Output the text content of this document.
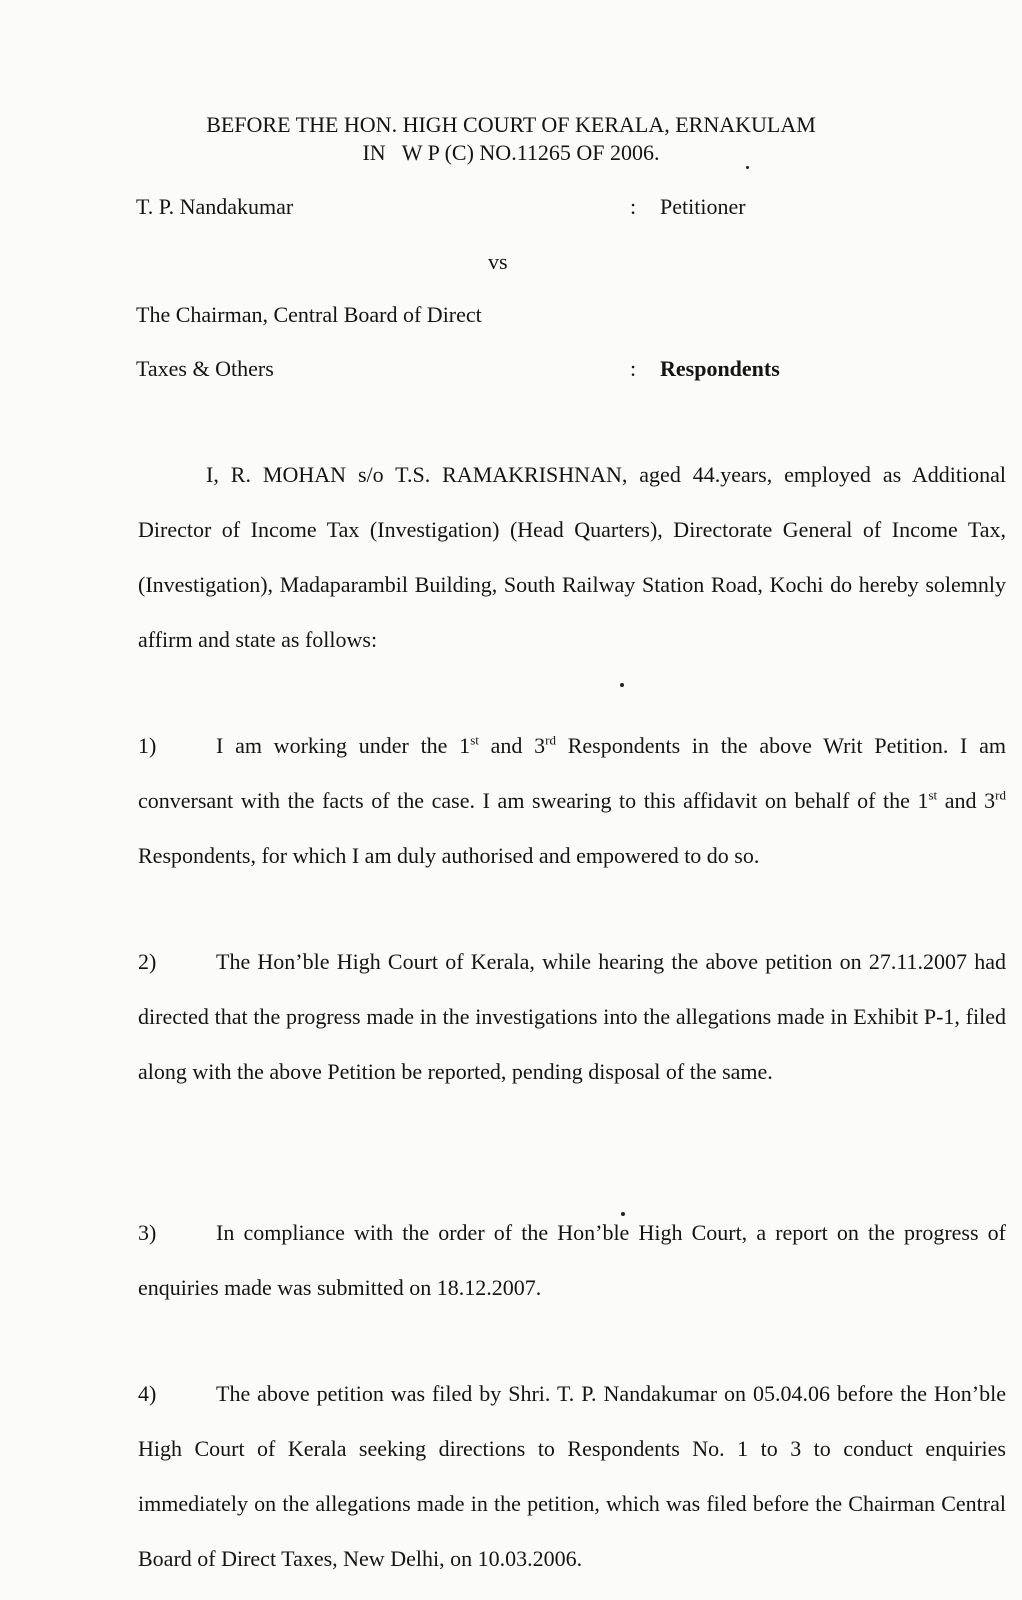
BEFORE THE HON. HIGH COURT OF KERALA, ERNAKULAM
IN   W P (C) NO.11265 OF 2006.
T. P. Nandakumar	: Petitioner
vs
The Chairman, Central Board of Direct
Taxes & Others	: Respondents
I, R. MOHAN s/o T.S. RAMAKRISHNAN, aged 44.years, employed as Additional Director of Income Tax (Investigation) (Head Quarters), Directorate General of Income Tax, (Investigation), Madaparambil Building, South Railway Station Road, Kochi do hereby solemnly affirm and state as follows:
1)	I am working under the 1st and 3rd Respondents in the above Writ Petition. I am conversant with the facts of the case. I am swearing to this affidavit on behalf of the 1st and 3rd Respondents, for which I am duly authorised and empowered to do so.
2)	The Hon’ble High Court of Kerala, while hearing the above petition on 27.11.2007 had directed that the progress made in the investigations into the allegations made in Exhibit P-1, filed along with the above Petition be reported, pending disposal of the same.
3)	In compliance with the order of the Hon’ble High Court, a report on the progress of enquiries made was submitted on 18.12.2007.
4)	The above petition was filed by Shri. T. P. Nandakumar on 05.04.06 before the Hon’ble High Court of Kerala seeking directions to Respondents No. 1 to 3 to conduct enquiries immediately on the allegations made in the petition, which was filed before the Chairman Central Board of Direct Taxes, New Delhi, on 10.03.2006.
